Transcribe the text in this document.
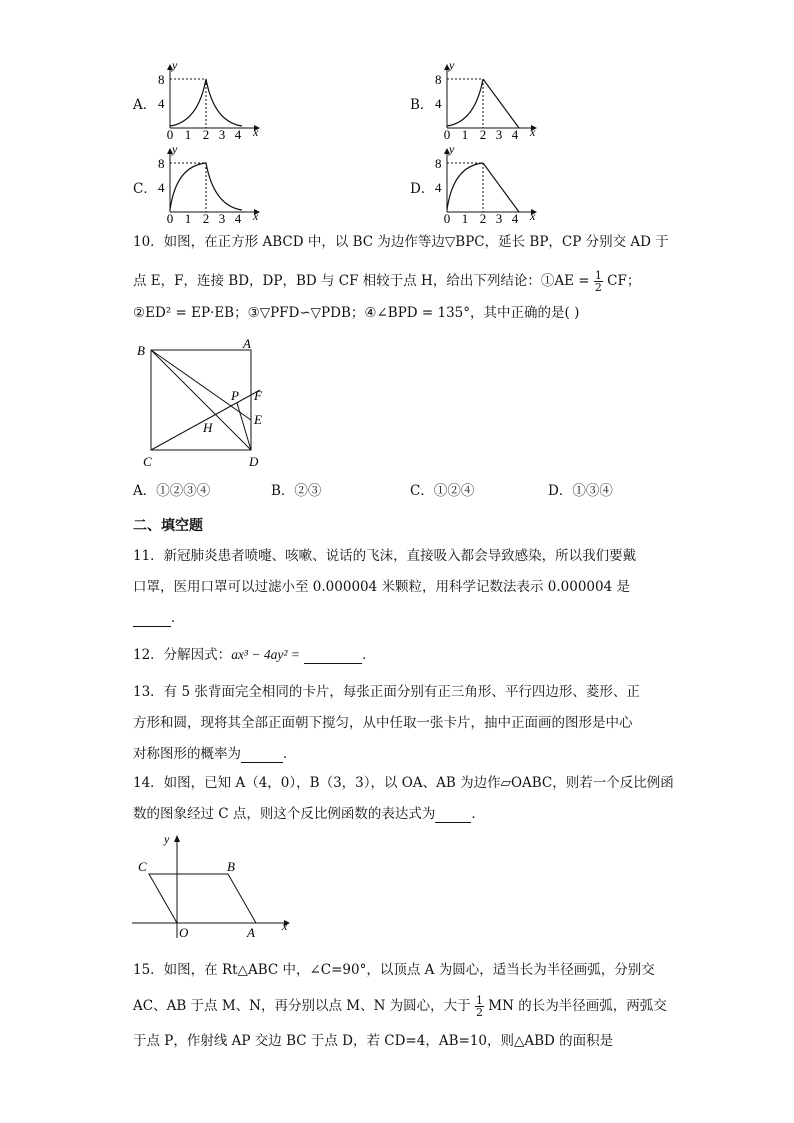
A．
0 1 2 3 4 x
8
4
y
B．
0 1 2 3 4 x
8
4
y
C．
0 1 2 3 4 x
8
4
y
D．
0 1 2 3 4 x
8
4
y
10．如图，在正方形 ABCD 中，以 BC 为边作等边▽BPC，延长 BP，CP 分别交 AD 于
点 E，F，连接 BD，DP，BD 与 CF 相较于点 H，给出下列结论：①AE = $\frac{1}{2}$ CF；
②ED² = EP·EB；③▽PFD∽▽PDB；④∠BPD = 135°，其中正确的是( )
B	A
C	D
P F
E
H
A．①②③④	B．②③	C．①②④	D．①③④
二、填空题
11．新冠肺炎患者喷嚏、咳嗽、说话的飞沫，直接吸入都会导致感染，所以我们要戴
口罩，医用口罩可以过滤小至 0.000004 米颗粒，用科学记数法表示 0.000004 是
．
12．分解因式：ax³ − 4ay² =	．
13．有 5 张背面完全相同的卡片，每张正面分别有正三角形、平行四边形、菱形、正
方形和圆，现将其全部正面朝下搅匀，从中任取一张卡片，抽中正面画的图形是中心
对称图形的概率为	．
14．如图，已知 A（4，0），B（3，3），以 OA、AB 为边作▱OABC，则若一个反比例函
数的图象经过 C 点，则这个反比例函数的表达式为	．
C	B
O	A x
y
15．如图，在 Rt△ABC 中，∠C=90°，以顶点 A 为圆心，适当长为半径画弧，分别交
AC、AB 于点 M、N，再分别以点 M、N 为圆心，大于 $\frac{1}{2}$ MN 的长为半径画弧，两弧交
于点 P，作射线 AP 交边 BC 于点 D，若 CD=4，AB=10，则△ABD 的面积是
